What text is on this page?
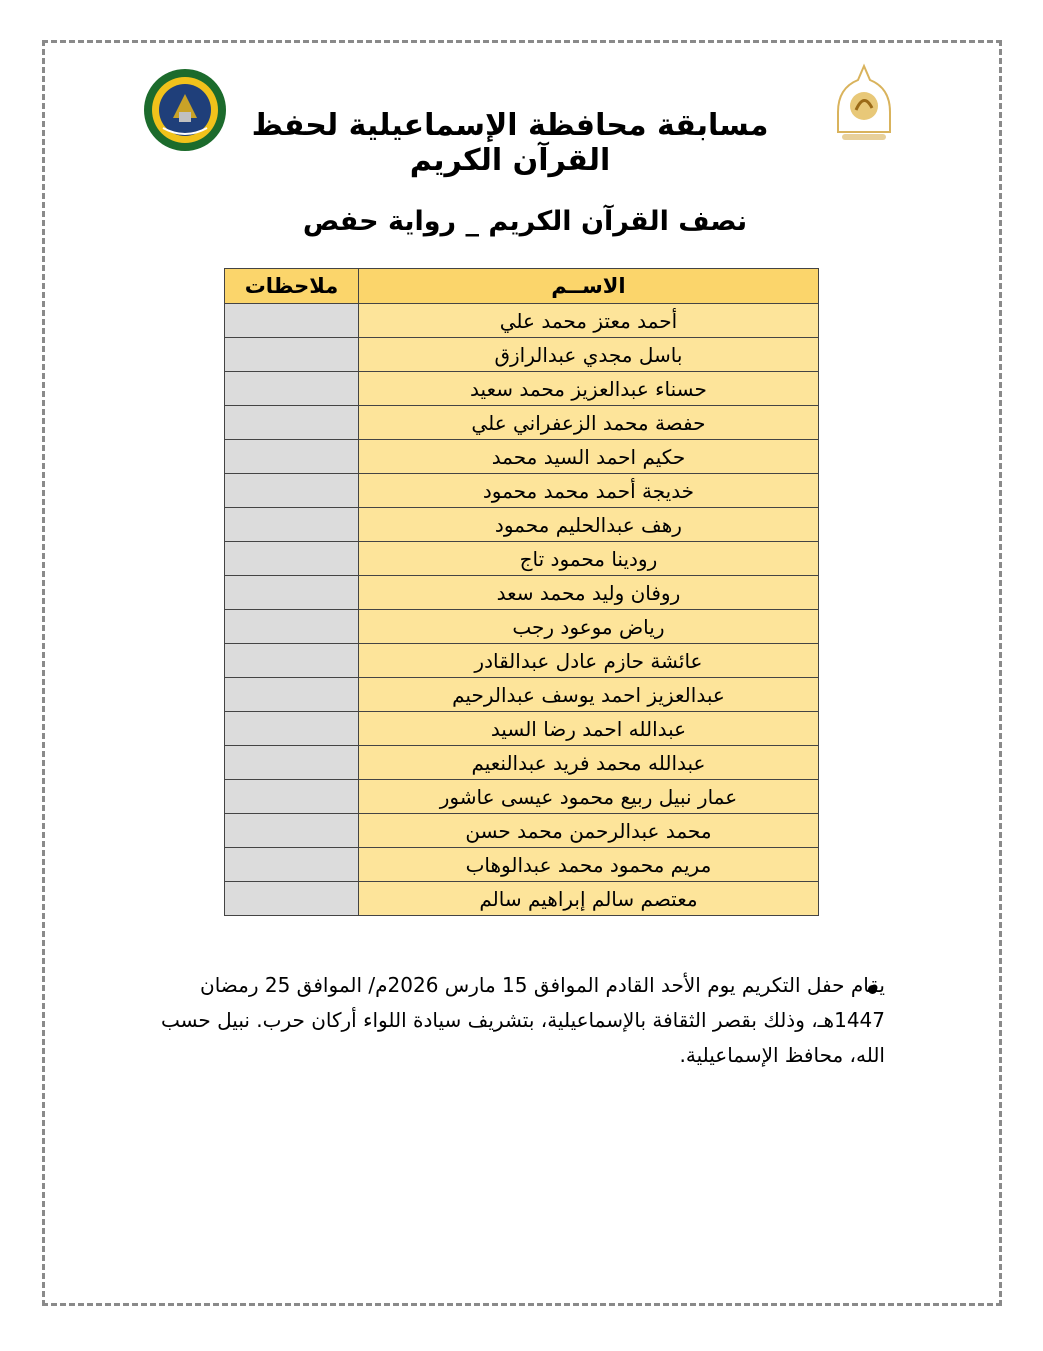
مسابقة محافظة الإسماعيلية لحفظ القرآن الكريم
نصف القرآن الكريم _ رواية حفص
الاســم	ملاحظات
أحمد معتز محمد علي	
باسل مجدي عبدالرازق	
حسناء عبدالعزيز محمد سعيد	
حفصة محمد الزعفراني علي	
حكيم احمد السيد محمد	
خديجة أحمد محمد محمود	
رهف عبدالحليم محمود	
رودينا محمود تاج	
روفان وليد محمد سعد	
رياض موعود رجب	
عائشة حازم عادل عبدالقادر	
عبدالعزيز احمد يوسف عبدالرحيم	
عبدالله احمد رضا السيد	
عبدالله محمد فريد عبدالنعيم	
عمار نبيل ربيع محمود عيسى عاشور	
محمد عبدالرحمن محمد حسن	
مريم محمود محمد عبدالوهاب	
معتصم سالم إبراهيم سالم	
يقام حفل التكريم يوم الأحد القادم الموافق 15 مارس 2026م/ الموافق 25 رمضان 1447هـ، وذلك بقصر الثقافة بالإسماعيلية، بتشريف سيادة اللواء أركان حرب. نبيل حسب الله، محافظ الإسماعيلية.
